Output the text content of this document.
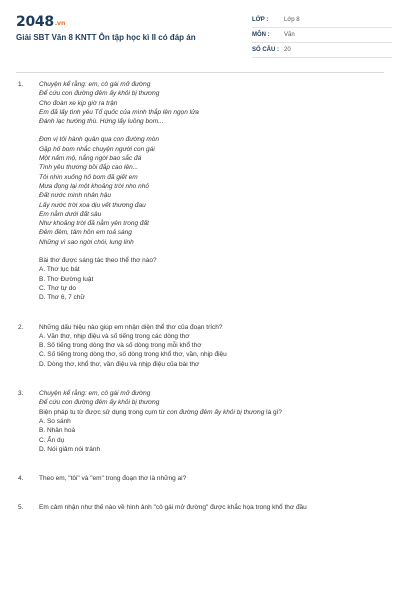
2048.vn
Giải SBT Văn 8 KNTT Ôn tập học kì II có đáp án
LỚP :	Lớp 8
MÔN :	Văn
SỐ CÂU : 20
1.	Chuyện kể rằng: em, cô gái mở đường
Để cứu con đường đêm ấy khỏi bị thương
Cho đoàn xe kịp giờ ra trận
Em đã lấy tình yêu Tổ quốc của mình thắp lên ngọn lửa
Đánh lạc hướng thù. Hứng lấy luồng bom...
Đơn vị tôi hành quân qua con đường mòn
Gặp hố bom nhắc chuyện người con gái
Một nấm mộ, nắng ngời bao sắc đá
Tình yêu thương bồi đắp cao lên...
Tôi nhìn xuống hố bom đã giết em
Mưa đọng lại một khoảng trời nho nhỏ
Đất nước mình nhân hậu
Lấy nước trời xoa dịu vết thương đau
Em nằm dưới đất sâu
Như khoảng trời đã nằm yên trong đất
Đêm đêm, tâm hồn em toả sáng
Những vì sao ngời chói, lung linh
Bài thơ được sáng tác theo thể thơ nào?
A. Thơ lục bát
B. Thơ Đường luật
C. Thơ tự do
D. Thơ 6, 7 chữ
2.	Những dấu hiệu nào giúp em nhận diện thể thơ của đoạn trích?
A. Văn thơ, nhịp điệu và số tiếng trong các dòng thơ
B. Số tiếng trong dòng thơ và số dòng trong mỗi khổ thơ
C. Số tiếng trong dòng thơ, số dòng trong khổ thơ, vần, nhịp điệu
D. Dòng thơ, khổ thơ, vần điệu và nhịp điệu của bài thơ
3.	Chuyện kể rằng: em, cô gái mở đường
Để cứu con đường đêm ấy khỏi bị thương
Biện pháp tu từ được sử dụng trong cụm từ con đường đêm ấy khỏi bị thương là gì?
A. So sánh
B. Nhân hoá
C. Ẩn dụ
D. Nói giảm nói tránh
4.	Theo em, "tôi" và "em" trong đoạn thơ là những ai?
5.	Em cảm nhận như thế nào về hình ảnh "cô gái mở đường" được khắc họa trong khổ thơ đầu
